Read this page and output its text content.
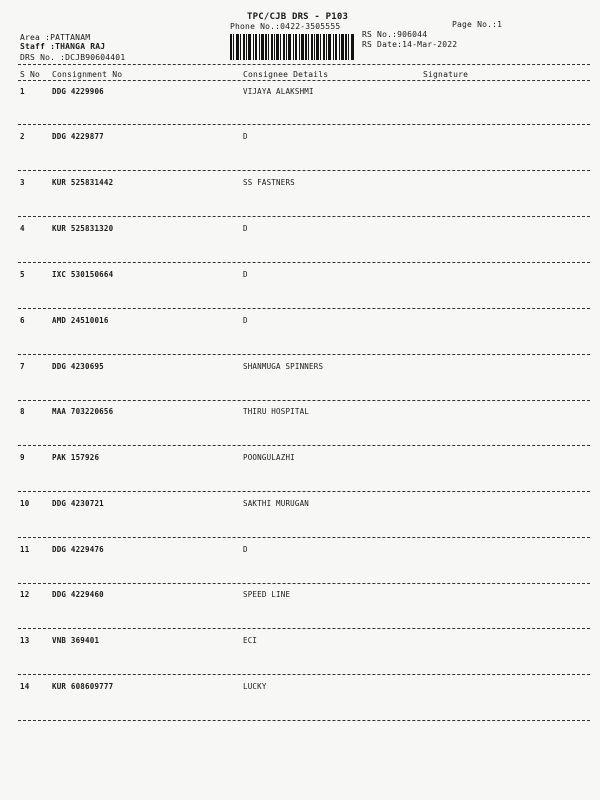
TPC/CJB DRS - P103
Phone No.:0422-3505555	Page No.:1
RS No.:906044
RS Date:14-Mar-2022
Area :PATTANAM
Staff :THANGA RAJ
DRS No. :DCJB90604401
S No Consignment No	Consignee Details	Signature
1	DDG 4229906	VIJAYA ALAKSHMI
2	DDG 4229877	D
3	KUR 525831442	SS FASTNERS
4	KUR 525831320	D
5	IXC 530150664	D
6	AMD 24510016	D
7	DDG 4230695	SHANMUGA SPINNERS
8	MAA 703220656	THIRU HOSPITAL
9	PAK 157926	POONGULAZHI
10	DDG 4230721	SAKTHI MURUGAN
11	DDG 4229476	D
12	DDG 4229460	SPEED LINE
13	VNB 369401	ECI
14	KUR 608609777	LUCKY
